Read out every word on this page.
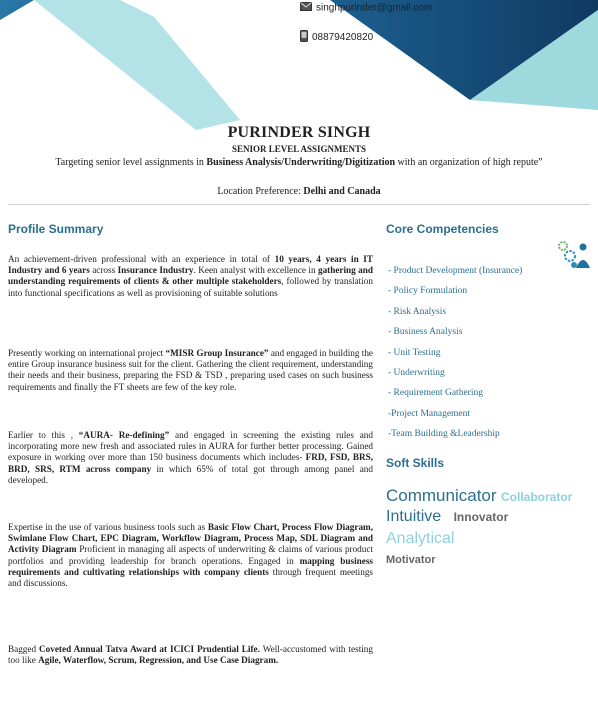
singhpurinder@gmail.com
08879420820
PURINDER SINGH
SENIOR LEVEL ASSIGNMENTS
Targeting senior level assignments in Business Analysis/Underwriting/Digitization with an organization of high repute”
Location Preference: Delhi and Canada
Profile Summary

An achievement-driven professional with an experience in total of 10 years, 4 years in IT Industry and 6 years across Insurance Industry. Keen analyst with excellence in gathering and understanding requirements of clients & other multiple stakeholders, followed by translation into functional specifications as well as provisioning of suitable solutions

Presently working on international project “MISR Group Insurance” and engaged in building the entire Group insurance business suit for the client. Gathering the client requirement, understanding their needs and their business, preparing the FSD & TSD , preparing used cases on such business requirements and finally the FT sheets are few of the key role.

Earlier to this , “AURA- Re-defining” and engaged in screening the existing rules and incorporating more new fresh and associated rules in AURA for further better processing. Gained exposure in working over more than 150 business documents which includes- FRD, FSD, BRS, BRD, SRS, RTM across company in which 65% of total got through among panel and developed.

Expertise in the use of various business tools such as Basic Flow Chart, Process Flow Diagram, Swimlane Flow Chart, EPC Diagram, Workflow Diagram, Process Map, SDL Diagram and Activity Diagram Proficient in managing all aspects of underwriting & claims of various product portfolios and providing leadership for branch operations. Engaged in mapping business requirements and cultivating relationships with company clients through frequent meetings and discussions.

Bagged Coveted Annual Tatva Award at ICICI Prudential Life. Well-accustomed with testing too like Agile, Waterflow, Scrum, Regression, and Use Case Diagram.

Core Competencies
- Product Development (Insurance)
- Policy Formulation
- Risk Analysis
- Business Analysis
- Unit Testing
- Underwriting
- Requirement Gathering
-Project Management
-Team Building &Leadership
Soft Skills
Communicator Collaborator
Intuitive Innovator
Analytical
Motivator
